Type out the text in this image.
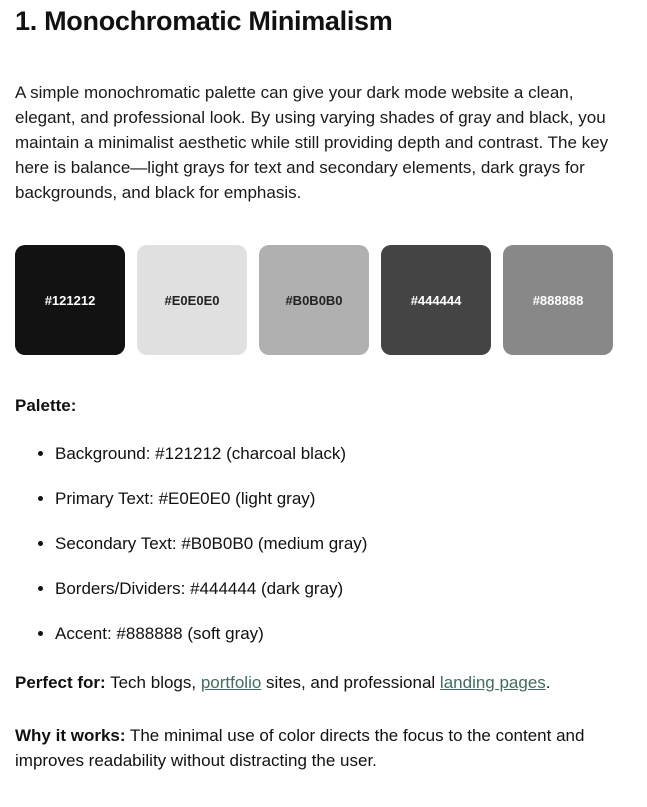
1. Monochromatic Minimalism

A simple monochromatic palette can give your dark mode website a clean, elegant, and professional look. By using varying shades of gray and black, you maintain a minimalist aesthetic while still providing depth and contrast. The key here is balance—light grays for text and secondary elements, dark grays for backgrounds, and black for emphasis.

#121212	#E0E0E0	#B0B0B0	#444444	#888888
Palette:
• Background: #121212 (charcoal black)
• Primary Text: #E0E0E0 (light gray)
• Secondary Text: #B0B0B0 (medium gray)
• Borders/Dividers: #444444 (dark gray)
• Accent: #888888 (soft gray)

Perfect for: Tech blogs, portfolio sites, and professional landing pages.

Why it works: The minimal use of color directs the focus to the content and improves readability without distracting the user.
